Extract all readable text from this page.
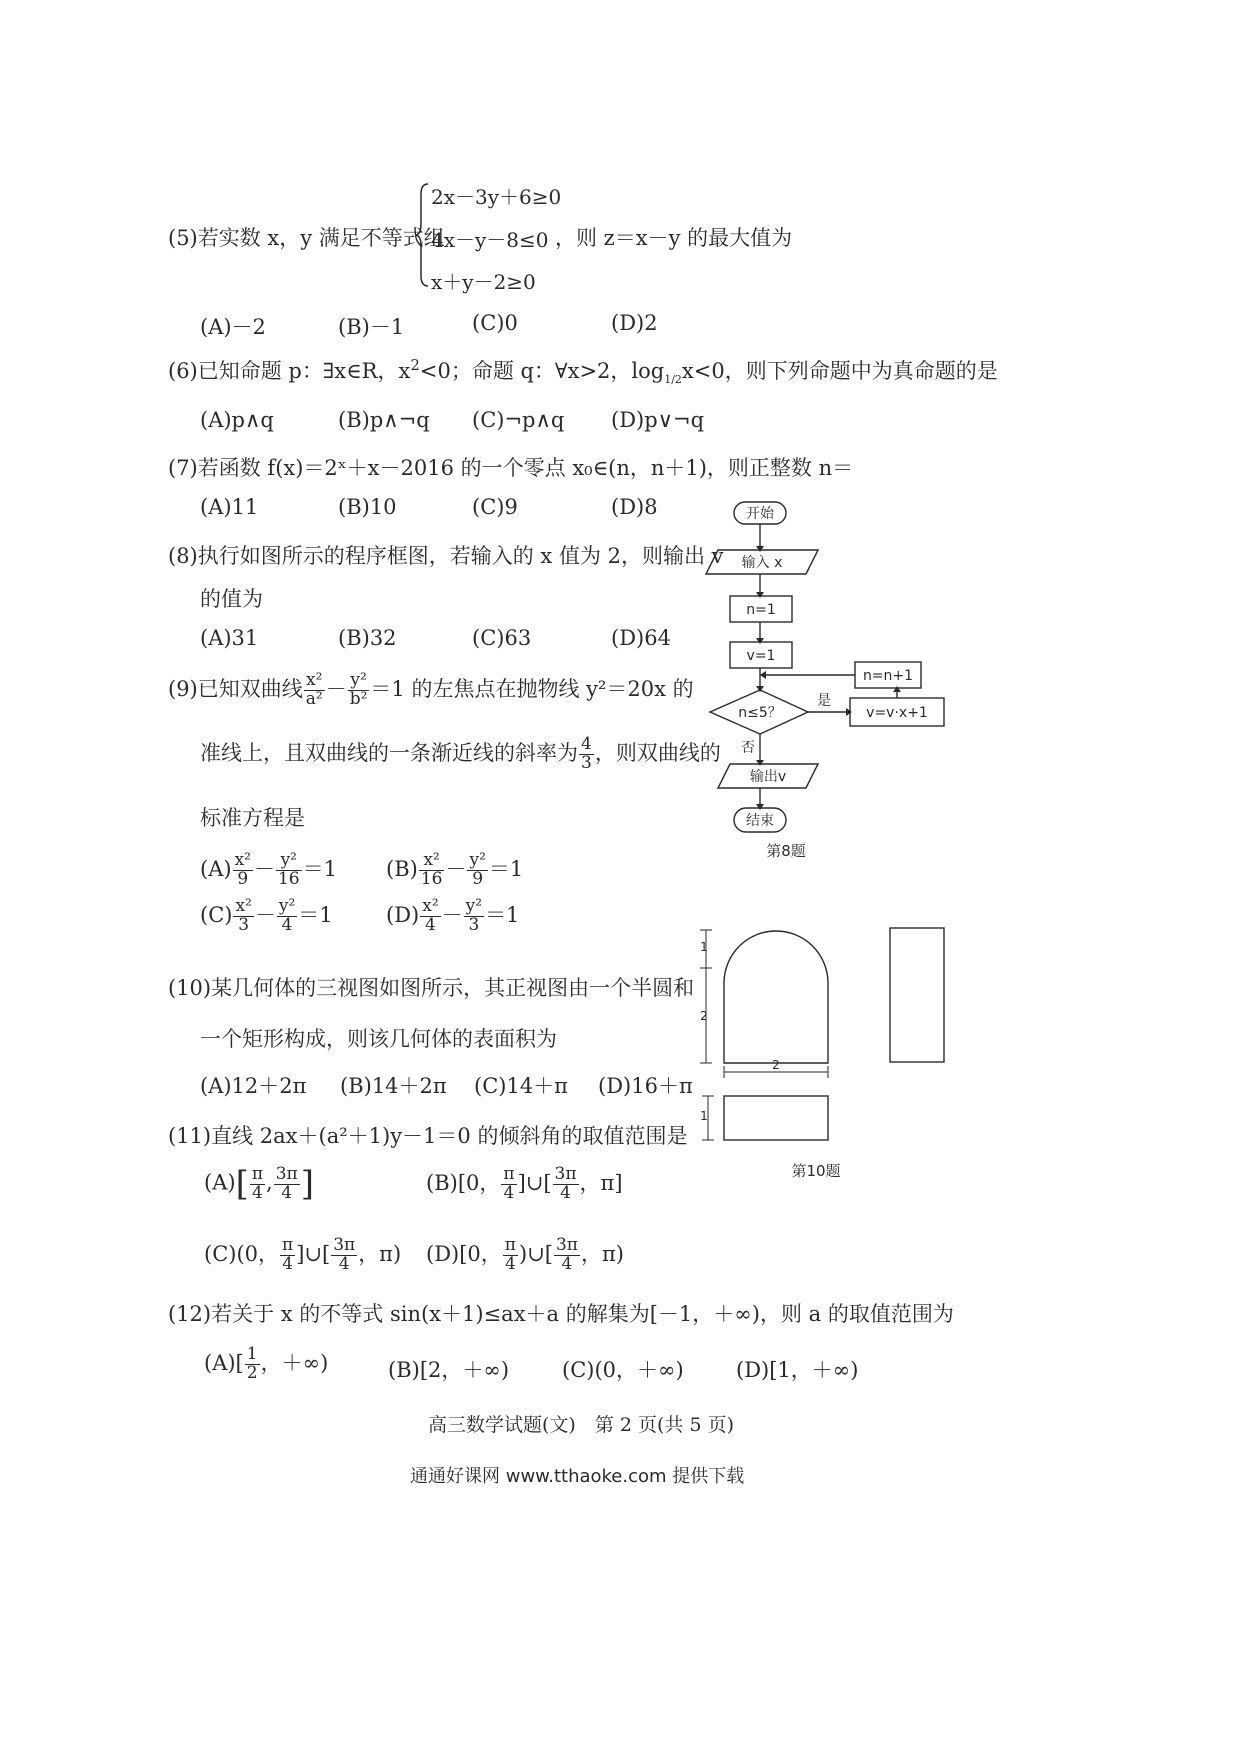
(5)若实数 x，y 满足不等式组
2x－3y＋6≥0
4x－y－8≤0
x＋y－2≥0
，则 z＝x－y 的最大值为
(A)－2	(B)－1	(C)0	(D)2
(6)已知命题 p：∃x∈R，$x^2<0$；命题 q：∀x>2，$\log_{1/2}x<0$，则下列命题中为真命题的是
(A)p∧q	(B)p∧¬q (C)¬p∧q (D)p∨¬q
(7)若函数 f(x)＝2ˣ＋x－2016 的一个零点 x₀∈(n，n＋1)，则正整数 n＝
(A)11	(B)10	(C)9	(D)8
(8)执行如图所示的程序框图，若输入的 x 值为 2，则输出 v
的值为
(A)31	(B)32	(C)63	(D)64
(9)已知双曲线 $\frac{\text{x²}}{\text{a²}} - \frac{\text{y²}}{\text{b²}} =1$ 的左焦点在抛物线 y²＝20x 的
准线上，且双曲线的一条渐近线的斜率为 $\frac{4}{3}$ ，则双曲线的
标准方程是
$(A) \frac{\text{x²}}{9} - \frac{\text{y²}}{16} =1$ $(B) \frac{\text{x²}}{16} - \frac{\text{y²}}{9} =1$
$(C) \frac{\text{x²}}{3} - \frac{\text{y²}}{4} =1$	$(D) \frac{\text{x²}}{4} - \frac{\text{y²}}{3} =1$
(10)某几何体的三视图如图所示，其正视图由一个半圆和
一个矩形构成，则该几何体的表面积为
(A)12＋2π (B)14＋2π (C)14＋π (D)16＋π
(11)直线 2ax＋(a²＋1)y－1＝0 的倾斜角的取值范围是
$(A)[ \frac{\pi}{4}$ , $\frac{3\pi}{4}$ ]	(B)[0， $\frac{\pi}{4}$ ]∪[ $\frac{3\pi}{4}$ ，π]
(C)(0， $\frac{\pi}{4}$ ]∪[ $\frac{3\pi}{4}$ ，π) (D)[0， $\frac{\pi}{4}$ )∪[ $\frac{3\pi}{4}$ ，π)
(12)若关于 x 的不等式 sin(x＋1)≤ax＋a 的解集为[－1，＋∞)，则 a 的取值范围为
$(A)[ \frac{1}{2}$ ，＋∞)	(B)[2，＋∞)	(C)(0，＋∞) (D)[1，＋∞)
开始
输入 x
n=1
v=1
n≤5？
是
否
v=v·x+1
n=n+1
输出v
结束
第8题
1
2
2
1
第10题
高三数学试题(文)　第 2 页(共 5 页)
通通好课网 www.tthaoke.com 提供下载
